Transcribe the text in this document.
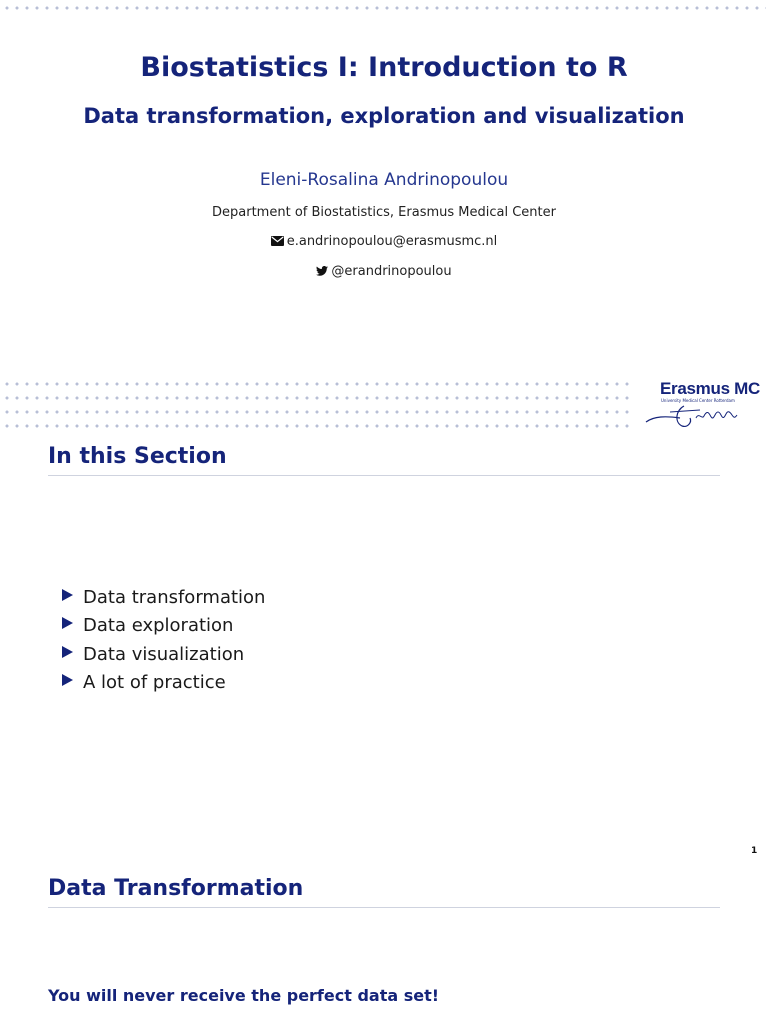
Biostatistics I: Introduction to R
Data transformation, exploration and visualization
Eleni-Rosalina Andrinopoulou
Department of Biostatistics, Erasmus Medical Center
e.andrinopoulou@erasmusmc.nl
@erandrinopoulou
Erasmus MC
University Medical Center Rotterdam
In this Section
Data transformation
Data exploration
Data visualization
A lot of practice
1
Data Transformation

You will never receive the perfect data set!
